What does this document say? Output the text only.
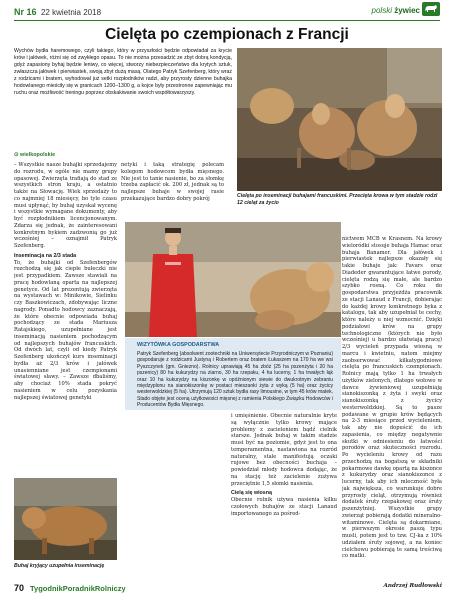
Nr 16 22 kwietnia 2018	polski żywiec
Cielęta po czempionach z Francji
Wychów bydła haremowego, czyli takiego, który w przyszłości będzie odpowiadał za krycie krów i jałówek, różni się od zwykłego opasu. To nie można przesadzić ze zbyt dobrą kondycją, gdyż zapasiony byhaj będzie leniwy, co więcej, stworzy niebezpieczeństwo dla krytych sztuk, zwłaszcza jałówek i pierwiastek, swoją zbyt dużą masą. Olatego Patryk Szefenberg, który wraz z rodzicami i bratem, wyhodował już setki rozpłodników radzi, aby przyrosty dzienne buhajka hodowlanego mieściły się w granicach 1200–1300 g, a kojce były przestronne zapewniając mu ruchu oraz możliwość treningu poprzez obskakiwanie swoich współtowarzyszy.
⊙ wielkopolskie
Cielęta po inseminacji buhajami francuskimi. Przecięta krowa w tym stadzie rodzi 12 cieląt za życio
WIZYTÓWKA GOSPODARSTWA
Patryk Szefenberg (absolwent zootechniki na Uniwersytecie Przyrodniczym w Poznaniu) gospodaruje z rodzicami Justyną i Robertem oraz bratem Łukaszem na 170 ha we wsi Pyszczynek (gm. Gniezno). Rolnicy uprawiają 45 ha zbóż (25 ha pszenżyta i 20 ha pszenicy) 80 ha kukurydzy na ziarno, 30 ha rzepaku, 4 ha lucerny, 1 ha trwałych łąk oraz 10 ha kukurydzy na kiszonkę w opóźnionym siewie do dwukrotnym zebraniu międzyplonu na sianokiszonkę w postaci mieszanki żyta z wyką (5 ha) oraz życicy westerwoldzkiej (5 ha). Utrzymują 120 sztuk bydła rasy limousine, w tym 45 krów matek. Stado objęte jest oceną użytkowości mięsnej z ramienia Polskiego Związku Hodowców i Producentów Bydła Mięsnego.
Buhaj kryjący uzupełnia inseminację

– Wszystkie nasze buhajki sprzedajemy do rozrodu, w ogóle nie mamy grupy opasowej. Zwierzęta trafiają do stad ze wszystkich stron kraju, a ostatnio także na Słowację. Wiek sprzedaży to co najmniej 18 miesięcy, bo tyle czasu musi upłynąć, by buhaj uzyskał wycenę i wszystkie wymagane dokumenty, aby być rozpłodnikiem licencjonowanym. Zdarza się jednak, że zainteresowani konkretnym bykiem zadzwonią go już wcześniej – oznajmił Patryk Szefenberg.

Inseminacja na 2/3 stada

To, że buhajki od Szefenbergów rozchodzą się jak ciepłe bułeczki nie jest przypadkiem. Zawsze stawiali na pracę hodowlaną oparta na najlepszej genetyce. Od lat prezentują zwierzęta na wystawach w: Minikowie, Sielinku czy Baszkowiczach, zdobywając liczne nagrody. Ponadto hodowcy zaznaczają, że które obecnie odpowiada buhaj pochodzący ze stada Mariusza Ratajskiego, uzupełniane jest inseminacją nasieniem pochodzącym od najlepszych buhajów francuskich. Od dwóch lat, czyli od kiedy Patryk Szefenberg ukończył kurs inseminacji bydła aż 2/3 krów i jałówek unasienniane jest czempionami światowej sławy. – Zawsze dbaliśmy, aby chociaż 10% stada pokryć nasieniem w celu pozyskania najlepszej światowej genetyki

netyki i taką strategię polecam kolegom hodowcom bydła mięsnego. Nie jest to tanie nasienie, bo za słomkę trzeba zapłacić ok. 200 zł, jednak są to najlepsze buhaje w swojej rasie przekazujące bardzo dobry pokrój

nictwem MCB w Krasnem. Na krowy wieloródki stosuje buhaja Hamac oraz buhaja Banamer. Dla jałówek i pierwiastek najlepsze okazały się takie buhaje jak: Favars oraz Diadeder gwarantujące łatwe porody, cielęta rodzą się małe, ale bardzo szybko rosną. Co roku do gospodarstwa przyjeżdża pracownik ze stacji Lanaud z Francji, dobierając do każdej krowy konkretnego byka z katalogu, tak aby uzupełniał te cechy, które należy u niej wzmocnić. Dzięki podziałowi krów na grupy technologiczne (których nie było wcześniej) u bardzo ułatwiają pracę) 2/3 wycieleń przypada wiosną w marcu i kwietniu, natom miejmy zaobserwować kilkatygodniowe cielęta po francuskich czempionach. Rolnicy mają tylko 1 ha trwałych użytków zielonych, dlatego wołowo w dawce żywieniowej uzupełniają sianokiszonką z żyta i swyki oraz sianokiszonką z życicy westerwoldzkiej. Są to pasze podawane w grupie krów będących na 2-3 miesiące przed wycieleniem, tak aby nie dopuścić do ich zapasienia, co między negatywnie skutki w odniesieniu do łatwości porodów oraz skuteczności rozrodu. Po wycieleniu krowy od razu przechodzą na bogatszą w składniki pokarmowe dawkę opartą na kiszonce z kukurydzy oraz sianokiszonce z lucerny, tak aby ich mleczność była jak największa, co warunkuje dobre przyrosty cieląt, otrzymują również dodatek śruty rzepakowej oraz śruty pszenżytniej. Wszystkie grupy zwierząt pobierają dodatki mineralno-witaminowe. Cielęta są dokarmiane, w pierwszym okresie paszą typu musli, potem jest to tzw. CJ-ka z 10% udziałem śruty sojowej, a na koniec cielchowu pobierają te samą treściwą co matki.

Andrzej Rudłowski

i umięśnienie. Obecnie naturalnie kryte są wyłącznie tylko krowy mające problemy z zacieleniem bądź cielnik starsze. Jednak buhaj w takim stadzie musi być na poziomie, gdyż jest to ona temperamentna, nastawiona na rozród naturalny, stale manifestują oczaki rujowe bez obecności buchaja – powiedział młody hodowca dodając, że na stację też zacielenie zużywa przeciętnie 1,5 słomki nasienia.

Cielą się wiosną

Obecnie rolnik używa nasienia kilku czołowych buhajów ze stacji Lanaud importowanego za pośred-

70 TygodnikPoradnikRolniczy
